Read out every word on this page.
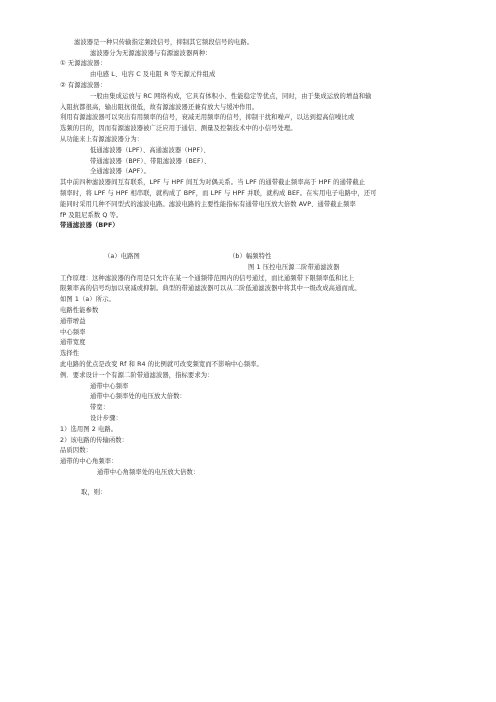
滤波器是一种只传输指定频段信号，抑制其它频段信号的电路。
滤波器分为无源滤波器与有源滤波器两种：
① 无源滤波器：
由电感 L、电容 C 及电阻 R 等无源元件组成
② 有源滤波器：
一般由集成运放与 RC 网络构成，它具有体积小、性能稳定等优点，同时，由于集成运放的增益和输
入阻抗都很高，输出阻抗很低，故有源滤波器还兼有放大与缓冲作用。
利用有源滤波器可以突出有用频率的信号，衰减无用频率的信号，抑制干扰和噪声，以达到提高信噪比或
选频的目的，因而有源滤波器被广泛应用于通信、测量及控制技术中的小信号处理。
从功能来上有源滤波器分为：
低通滤波器（LPF）、高通滤波器（HPF）、
带通滤波器（BPF）、带阻滤波器（BEF）、
全通滤波器（APF）。
其中前四种滤波器间互有联系，LPF 与 HPF 间互为对偶关系。当 LPF 的通带截止频率高于 HPF 的通带截止
频率时，将 LPF 与 HPF 相串联，就构成了 BPF，而 LPF 与 HPF 并联，就构成 BEF。在实用电子电路中，还可
能同时采用几种不同型式的滤波电路。滤波电路的主要性能指标有通带电压放大倍数 AVP、通带截止频率
fP 及阻尼系数 Q 等。
带通滤波器（BPF）
（a）电路图	（b）幅频特性
图 1 压控电压源二阶带通滤波器
工作原理：这种滤波器的作用是只允许在某一个通频带范围内的信号通过，而比通频带下限频率低和比上
限频率高的信号均加以衰减或抑制。典型的带通滤波器可以从二阶低通滤波器中将其中一级改成高通而成。
如图 1（a）所示。
电路性能参数
通带增益
中心频率
通带宽度
选择性
此电路的优点是改变 Rf 和 R4 的比例就可改变频宽而不影响中心频率。
例．要求设计一个有源二阶带通滤波器，指标要求为：
通带中心频率
通带中心频率处的电压放大倍数：
带宽：
设计步骤：
1）选用图 2 电路。
2）该电路的传输函数：
品质因数：
通带的中心角频率：
通带中心角频率处的电压放大倍数：
取，则：
